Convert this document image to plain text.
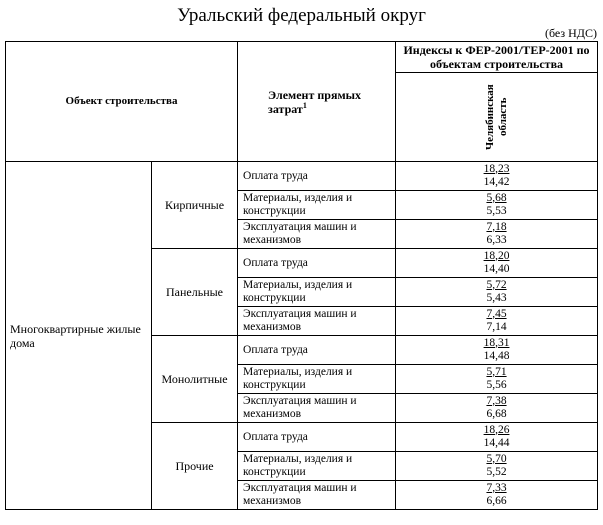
Уральский федеральный округ
(без НДС)
Объект строительства		Элемент прямых затрат$^1$	Индексы к ФЕР-2001/ТЕР-2001 по объектам строительства

			Челябинская область

Многоквартирные жилые дома	Кирпичные	Оплата труда	18,23
14,42

		Материалы, изделия и конструкции	5,68
5,53

		Эксплуатация машин и механизмов	7,18
6,33

	Панельные	Оплата труда	18,20
14,40

		Материалы, изделия и конструкции	5,72
5,43

		Эксплуатация машин и механизмов	7,45
7,14

	Монолитные	Оплата труда	18,31
14,48

		Материалы, изделия и конструкции	5,71
5,56

		Эксплуатация машин и механизмов	7,38
6,68

	Прочие	Оплата труда	18,26
14,44

		Материалы, изделия и конструкции	5,70
5,52

		Эксплуатация машин и механизмов	7,33
6,66
